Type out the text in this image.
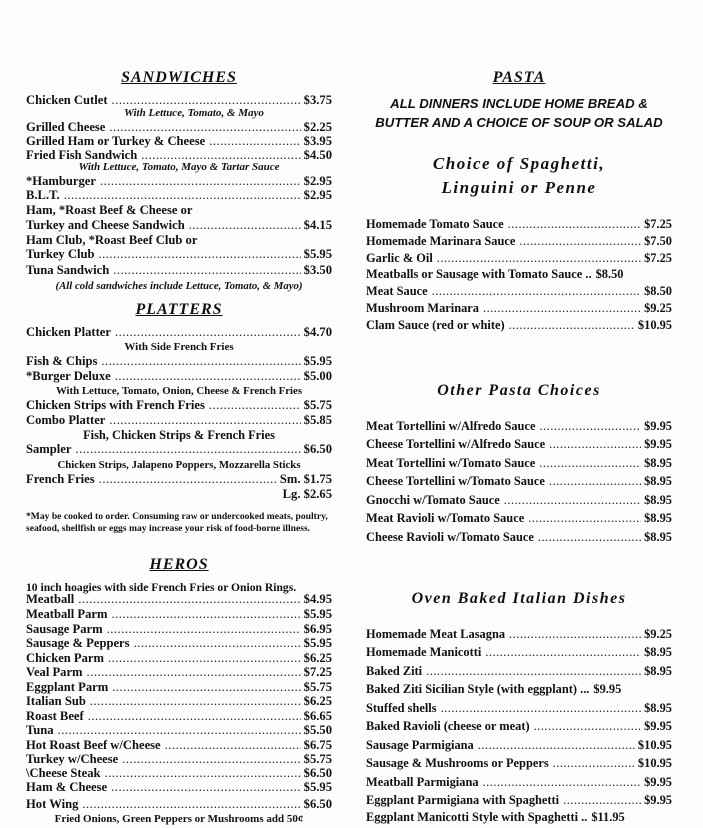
SANDWICHES
Chicken Cutlet .....	$3.75
With Lettuce, Tomato, & Mayo
Grilled Cheese .....	$2.25
Grilled Ham or Turkey & Cheese .....	$3.95
Fried Fish Sandwich .....	$4.50
With Lettuce, Tomato, Mayo & Tartar Sauce
*Hamburger .....	$2.95
B.L.T. .....	$2.95
Ham, *Roast Beef & Cheese or
Turkey and Cheese Sandwich .....	$4.15
Ham Club, *Roast Beef Club or
Turkey Club .....	$5.95
Tuna Sandwich .....	$3.50
(All cold sandwiches include Lettuce, Tomato, & Mayo)
PLATTERS
Chicken Platter .....	$4.70
With Side French Fries
Fish & Chips .....	$5.95
*Burger Deluxe .....	$5.00
With Lettuce, Tomato, Onion, Cheese & French Fries
Chicken Strips with French Fries .....	$5.75
Combo Platter .....	$5.85
Fish, Chicken Strips & French Fries
Sampler .....	$6.50
Chicken Strips, Jalapeno Poppers, Mozzarella Sticks
French Fries .....	Sm. $1.75
Lg. $2.65
*May be cooked to order. Consuming raw or undercooked meats, poultry, seafood, shellfish or eggs may increase your risk of food-borne illness.
HEROS
10 inch hoagies with side French Fries or Onion Rings.
Meatball .....	$4.95
Meatball Parm .....	$5.95
Sausage Parm .....	$6.95
Sausage & Peppers .....	$5.95
Chicken Parm .....	$6.25
Veal Parm .....	$7.25
Eggplant Parm .....	$5.75
Italian Sub .....	$6.25
Roast Beef .....	$6.65
Tuna .....	$5.50
Hot Roast Beef w/Cheese .....	$6.75
Turkey w/Cheese .....	$5.75
\Cheese Steak .....	$6.50
Ham & Cheese .....	$5.95
Hot Wing .....	$6.50
Fried Onions, Green Peppers or Mushrooms add 50¢
PASTA
ALL DINNERS INCLUDE HOME BREAD &
BUTTER AND A CHOICE OF SOUP OR SALAD
Choice of Spaghetti,
Linguini or Penne
Homemade Tomato Sauce .....	$7.25
Homemade Marinara Sauce .....	$7.50
Garlic & Oil .....	$7.25
Meatballs or Sausage with Tomato Sauce .. $8.50
Meat Sauce .....	$8.50
Mushroom Marinara .....	$9.25
Clam Sauce (red or white) .....	$10.95
Other Pasta Choices
Meat Tortellini w/Alfredo Sauce .....	$9.95
Cheese Tortellini w/Alfredo Sauce .....	$9.95
Meat Tortellini w/Tomato Sauce .....	$8.95
Cheese Tortellini w/Tomato Sauce .....	$8.95
Gnocchi w/Tomato Sauce .....	$8.95
Meat Ravioli w/Tomato Sauce .....	$8.95
Cheese Ravioli w/Tomato Sauce .....	$8.95
Oven Baked Italian Dishes
Homemade Meat Lasagna .....	$9.25
Homemade Manicotti .....	$8.95
Baked Ziti .....	$8.95
Baked Ziti Sicilian Style (with eggplant) ... $9.95
Stuffed shells .....	$8.95
Baked Ravioli (cheese or meat) .....	$9.95
Sausage Parmigiana .....	$10.95
Sausage & Mushrooms or Peppers .....	$10.95
Meatball Parmigiana .....	$9.95
Eggplant Parmigiana with Spaghetti .....	$9.95
Eggplant Manicotti Style with Spaghetti .. $11.95
